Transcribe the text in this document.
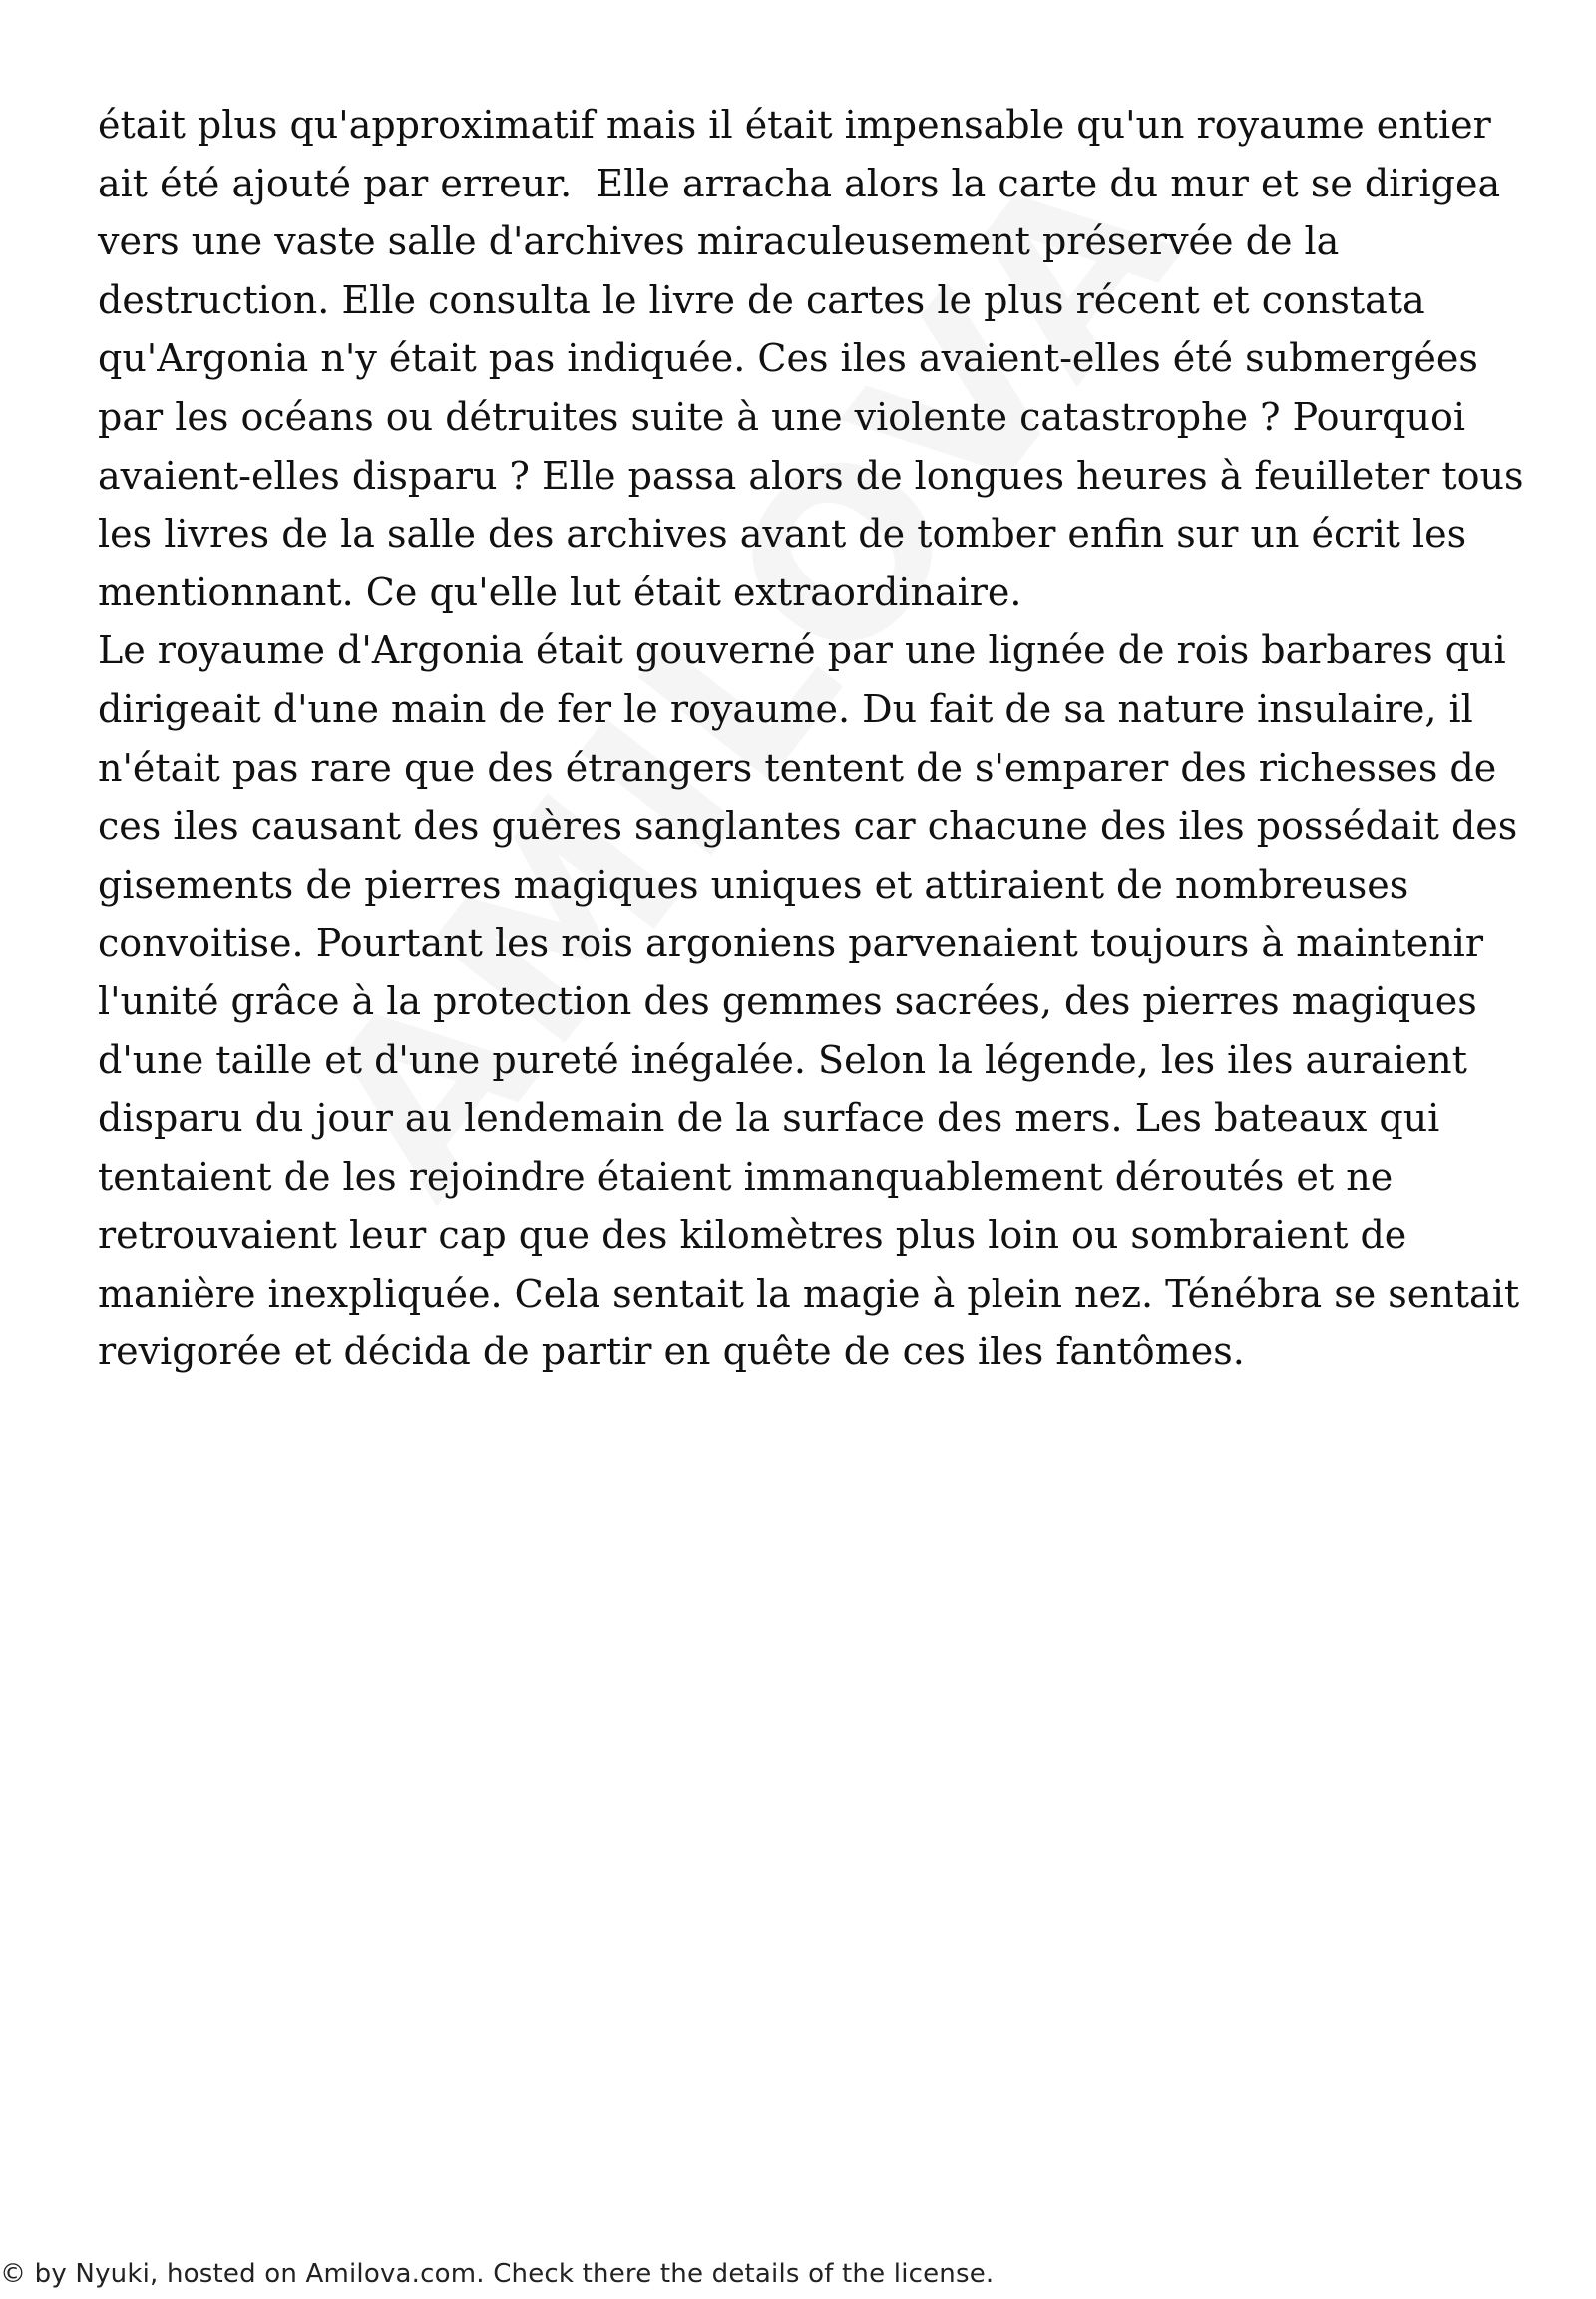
était plus qu'approximatif mais il était impensable qu'un royaume entier
ait été ajouté par erreur.  Elle arracha alors la carte du mur et se dirigea
vers une vaste salle d'archives miraculeusement préservée de la
destruction. Elle consulta le livre de cartes le plus récent et constata
qu'Argonia n'y était pas indiquée. Ces iles avaient-elles été submergées
par les océans ou détruites suite à une violente catastrophe ? Pourquoi
avaient-elles disparu ? Elle passa alors de longues heures à feuilleter tous
les livres de la salle des archives avant de tomber enfin sur un écrit les
mentionnant. Ce qu'elle lut était extraordinaire.
Le royaume d'Argonia était gouverné par une lignée de rois barbares qui
dirigeait d'une main de fer le royaume. Du fait de sa nature insulaire, il
n'était pas rare que des étrangers tentent de s'emparer des richesses de
ces iles causant des guères sanglantes car chacune des iles possédait des
gisements de pierres magiques uniques et attiraient de nombreuses
convoitise. Pourtant les rois argoniens parvenaient toujours à maintenir
l'unité grâce à la protection des gemmes sacrées, des pierres magiques
d'une taille et d'une pureté inégalée. Selon la légende, les iles auraient
disparu du jour au lendemain de la surface des mers. Les bateaux qui
tentaient de les rejoindre étaient immanquablement déroutés et ne
retrouvaient leur cap que des kilomètres plus loin ou sombraient de
manière inexpliquée. Cela sentait la magie à plein nez. Ténébra se sentait
revigorée et décida de partir en quête de ces iles fantômes.
© by Nyuki, hosted on Amilova.com. Check there the details of the license.
